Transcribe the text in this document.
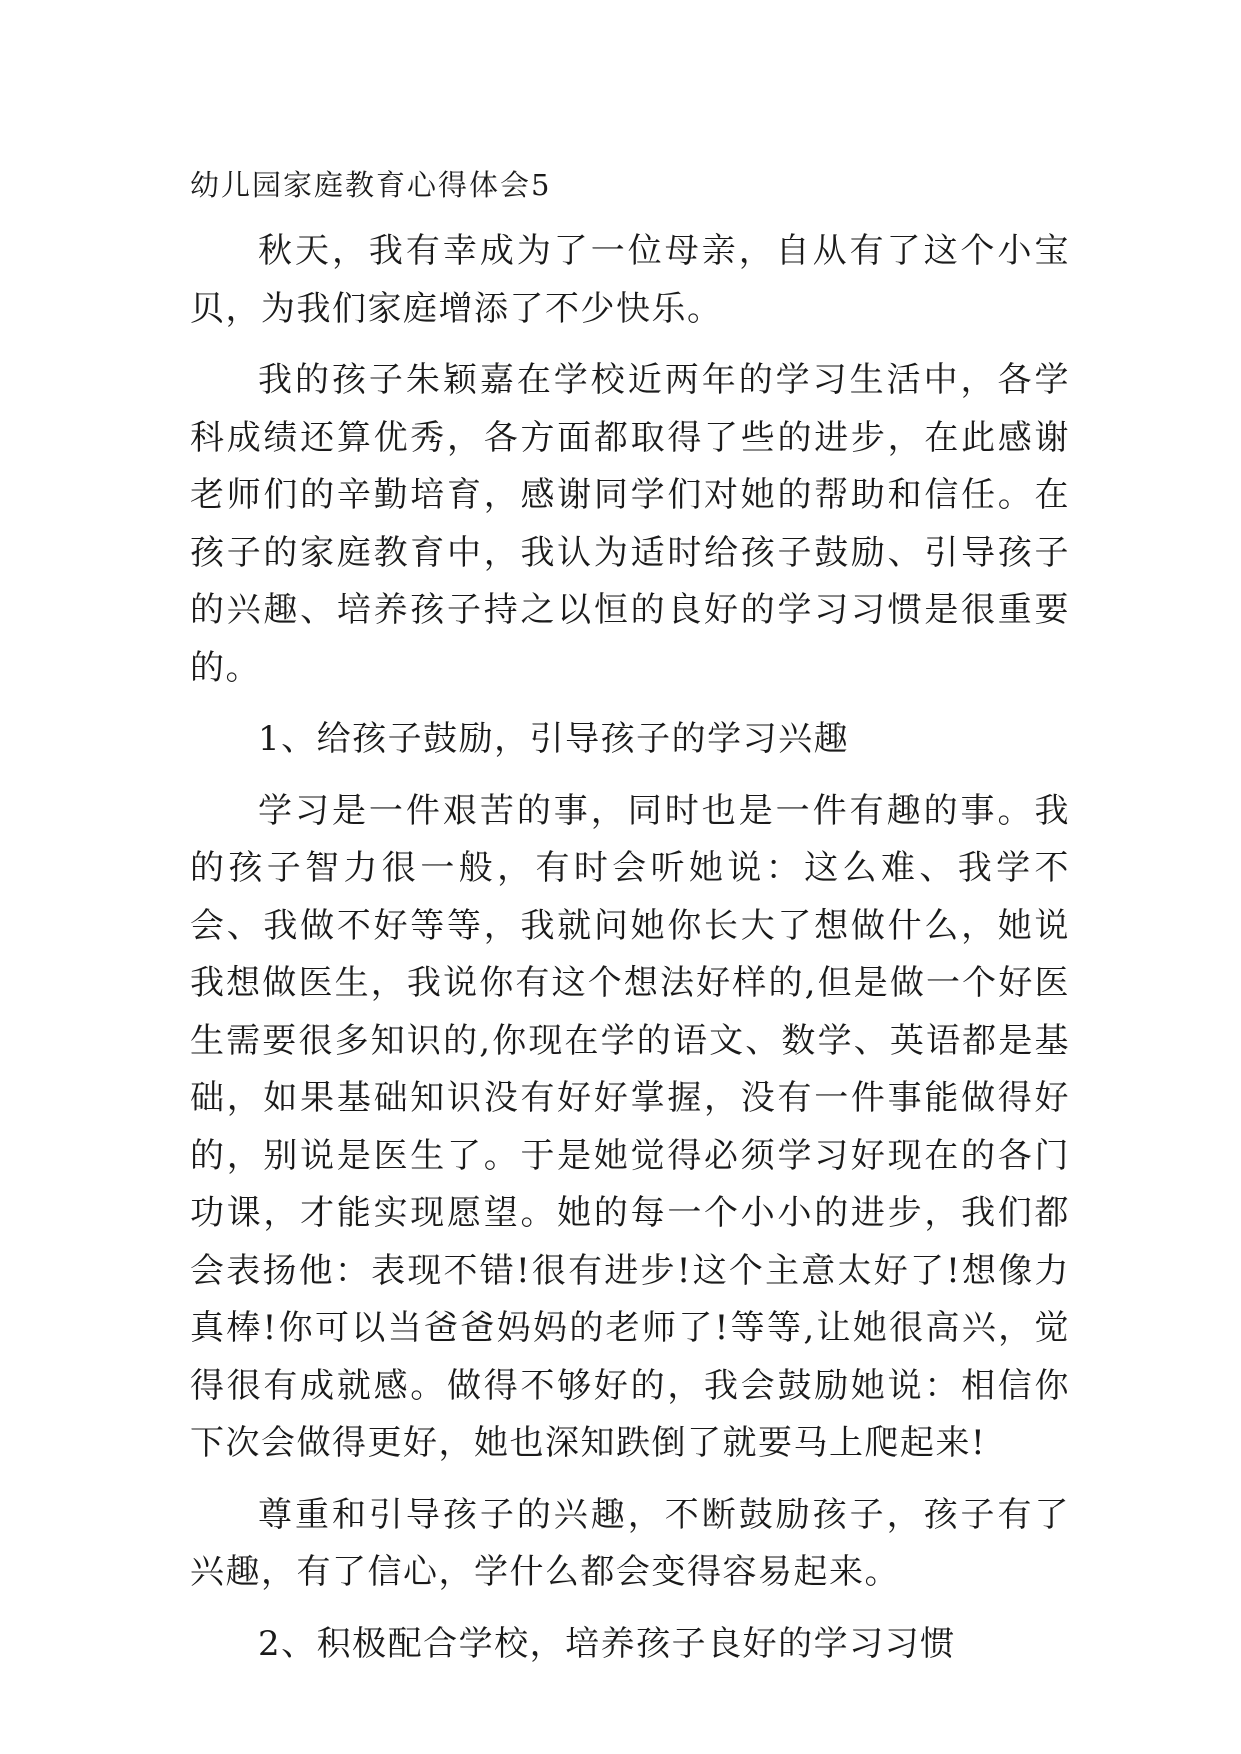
幼儿园家庭教育心得体会5

秋天，我有幸成为了一位母亲，自从有了这个小宝贝，为我们家庭增添了不少快乐。

我的孩子朱颖嘉在学校近两年的学习生活中，各学科成绩还算优秀，各方面都取得了些的进步，在此感谢老师们的辛勤培育，感谢同学们对她的帮助和信任。在孩子的家庭教育中，我认为适时给孩子鼓励、引导孩子的兴趣、培养孩子持之以恒的良好的学习习惯是很重要的。

1、给孩子鼓励，引导孩子的学习兴趣

学习是一件艰苦的事，同时也是一件有趣的事。我的孩子智力很一般，有时会听她说：这么难、我学不会、我做不好等等，我就问她你长大了想做什么，她说我想做医生，我说你有这个想法好样的,但是做一个好医生需要很多知识的,你现在学的语文、数学、英语都是基础，如果基础知识没有好好掌握，没有一件事能做得好的，别说是医生了。于是她觉得必须学习好现在的各门功课，才能实现愿望。她的每一个小小的进步，我们都会表扬他：表现不错!很有进步!这个主意太好了!想像力真棒!你可以当爸爸妈妈的老师了!等等,让她很高兴，觉得很有成就感。做得不够好的，我会鼓励她说：相信你下次会做得更好，她也深知跌倒了就要马上爬起来!

尊重和引导孩子的兴趣，不断鼓励孩子，孩子有了兴趣，有了信心，学什么都会变得容易起来。

2、积极配合学校，培养孩子良好的学习习惯
